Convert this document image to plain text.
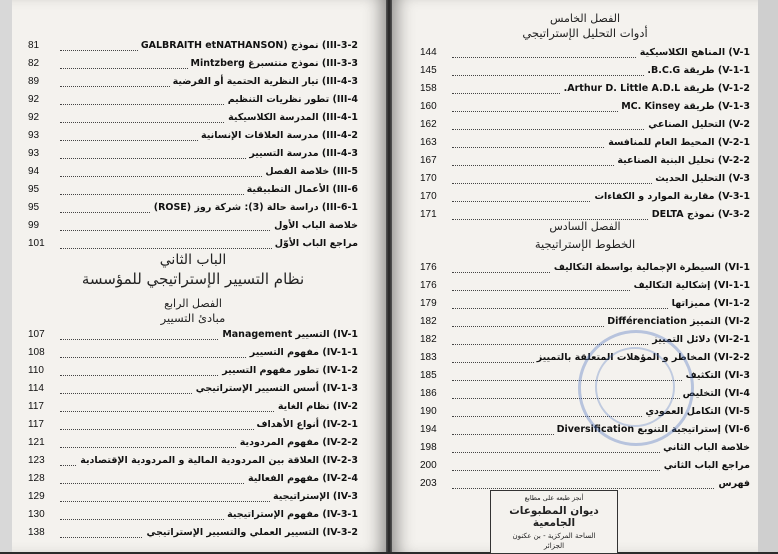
81	III-3-2) نموذج (GALBRAITH etNATHANSON
82	III-3-3) نموذج منتسبرغ Mintzberg
89	III-4-3) تيار النظرية الحتمية أو الفرضية
92	III-4) تطور نظريات التنظيم
92	III-4-1) المدرسة الكلاسيكية
93	III-4-2) مدرسة العلاقات الإنسانية
93	III-4-3) مدرسة التسيير
94	III-5) خلاصة الفصل
95	III-6) الأعمال التطبيقية
95	III-6-1) دراسة حالة (3): شركة روز (ROSE)
99	خلاصة الباب الأول
101	مراجع الباب الأوّل
الباب الثاني
نظام التسيير الإستراتيجي للمؤسسة
الفصل الرابع
مبادئ التسيير
107	IV-1) التسيير Management
108	IV-1-1) مفهوم التسيير
110	IV-1-2) تطور مفهوم التسيير
114	IV-1-3) أسس التسيير الإستراتيجي
117	IV-2) نظام الغاية
117	IV-2-1) أنواع الأهداف
121	IV-2-2) مفهوم المردودية
123	IV-2-3) العلاقة بين المردودية المالية و المردودية الإقتصادية
128	IV-2-4) مفهوم الفعالية
129	IV-3) الإستراتيجية
130	IV-3-1) مفهوم الإستراتيجية
138	IV-3-2) التسيير العملي والتسيير الإستراتيجي
الفصل الخامس
أدوات التحليل الإستراتيجي
144	V-1) المناهج الكلاسيكية
145	V-1-1) طريقة B.C.G.
158	V-1-2) طريقة Arthur D. Little A.D.L.
160	V-1-3) طريقة MC. Kinsey
162	V-2) التحليل الصناعي
163	V-2-1) المحيط العام للمنافسة
167	V-2-2) تحليل البنية الصناعية
170	V-3) التحليل الحديث
170	V-3-1) مقاربة الموارد و الكفاءات
171	V-3-2) نموذج DELTA
الفصل السادس
الخطوط الإستراتيجية
176	VI-1) السيطرة الإجمالية بواسطة التكاليف
176	VI-1-1) إشكالية التكاليف
179	VI-1-2) مميزاتها
182	VI-2) التمييز Différenciation
182	VI-2-1) دلائل التمييز
183	VI-2-2) المخاطر و المؤهلات المتعلقة بالتمييز
185	VI-3) التكثيف
186	VI-4) التخليص
190	VI-5) التكامل العمودي
194	VI-6) إستراتيجية التنويع Diversification
198	خلاصة الباب الثاني
200	مراجع الباب الثاني
203	فهرس
أنجز طبعه على مطابع
ديوان المطبوعات الجامعية
الساحة المركزية - بن عكنون
الجزائر
